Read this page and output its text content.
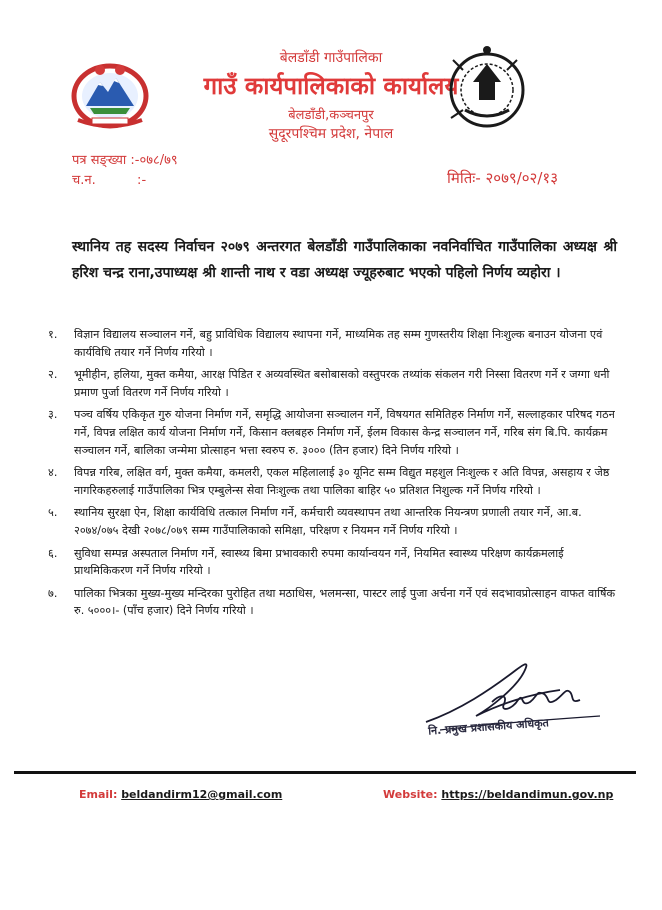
बेलडाँडी गाउँपालिका
गाउँ कार्यपालिकाको कार्यालय
बेलडाँडी,कञ्चनपुर
सुदूरपश्चिम प्रदेश, नेपाल
पत्र सङ्ख्या :-०७८/७९
च.न.          :-	मितिः- २०७९/०२/१३
स्थानिय तह सदस्य निर्वाचन २०७९ अन्तरगत बेलडाँडी गाउँपालिकाका नवनिर्वाचित गाउँपालिका अध्यक्ष श्री हरिश चन्द्र राना,उपाध्यक्ष श्री शान्ती नाथ र वडा अध्यक्ष ज्यूहरुबाट भएको पहिलो निर्णय व्यहोरा ।
१.	विज्ञान विद्यालय सञ्चालन गर्ने, बहु प्राविधिक विद्यालय स्थापना गर्ने, माध्यमिक तह सम्म गुणस्तरीय शिक्षा निःशुल्क बनाउन योजना एवं कार्यविधि तयार गर्ने निर्णय गरियो ।
२.	भूमीहीन, हलिया, मुक्त कमैया, आरक्ष पिडित र अव्यवस्थित बसोबासको वस्तुपरक तथ्यांक संकलन गरी निस्सा वितरण गर्ने र जग्गा धनी प्रमाण पुर्जा वितरण गर्ने निर्णय गरियो ।
३.	पञ्च वर्षिय एकिकृत गुरु योजना निर्माण गर्ने, समृद्धि आयोजना सञ्चालन गर्ने, विषयगत समितिहरु निर्माण गर्ने, सल्लाहकार परिषद गठन गर्ने, विपन्न लक्षित कार्य योजना निर्माण गर्ने, किसान क्लबहरु निर्माण गर्ने, ईलम विकास केन्द्र सञ्चालन गर्ने, गरिब संग बि.पि. कार्यक्रम सञ्चालन गर्ने, बालिका जन्मेमा प्रोत्साहन भत्ता स्वरुप रु. ३००० (तिन हजार) दिने निर्णय गरियो ।
४.	विपन्न गरिब, लक्षित वर्ग, मुक्त कमैया, कमलरी, एकल महिलालाई ३० यूनिट सम्म विद्युत महशुल निःशुल्क र अति विपन्न, असहाय र जेष्ठ नागरिकहरुलाई गाउँपालिका भित्र एम्बुलेन्स सेवा निःशुल्क तथा पालिका बाहिर ५० प्रतिशत निशुल्क गर्ने निर्णय गरियो ।
५.	स्थानिय सुरक्षा ऐन, शिक्षा कार्यविधि तत्काल निर्माण गर्ने, कर्मचारी व्यवस्थापन तथा आन्तरिक नियन्त्रण प्रणाली तयार गर्ने, आ.ब. २०७४/०७५ देखी २०७८/०७९ सम्म गाउँपालिकाको समिक्षा, परिक्षण र नियमन गर्ने निर्णय गरियो ।
६.	सुविधा सम्पन्न अस्पताल निर्माण गर्ने, स्वास्थ्य बिमा प्रभावकारी रुपमा कार्यान्वयन गर्ने, नियमित स्वास्थ्य परिक्षण कार्यक्रमलाई प्राथमिकिकरण गर्ने निर्णय गरियो ।
७.	पालिका भित्रका मुख्य-मुख्य मन्दिरका पुरोहित तथा मठाधिस, भलमन्सा, पास्टर लाई पुजा अर्चना गर्ने एवं सदभावप्रोत्साहन वाफत वार्षिक रु. ५०००।- (पाँच हजार) दिने निर्णय गरियो ।
नि. प्रमुख प्रशासकीय अधिकृत
Email: beldandirm12@gmail.com	Website: https://beldandimun.gov.np
